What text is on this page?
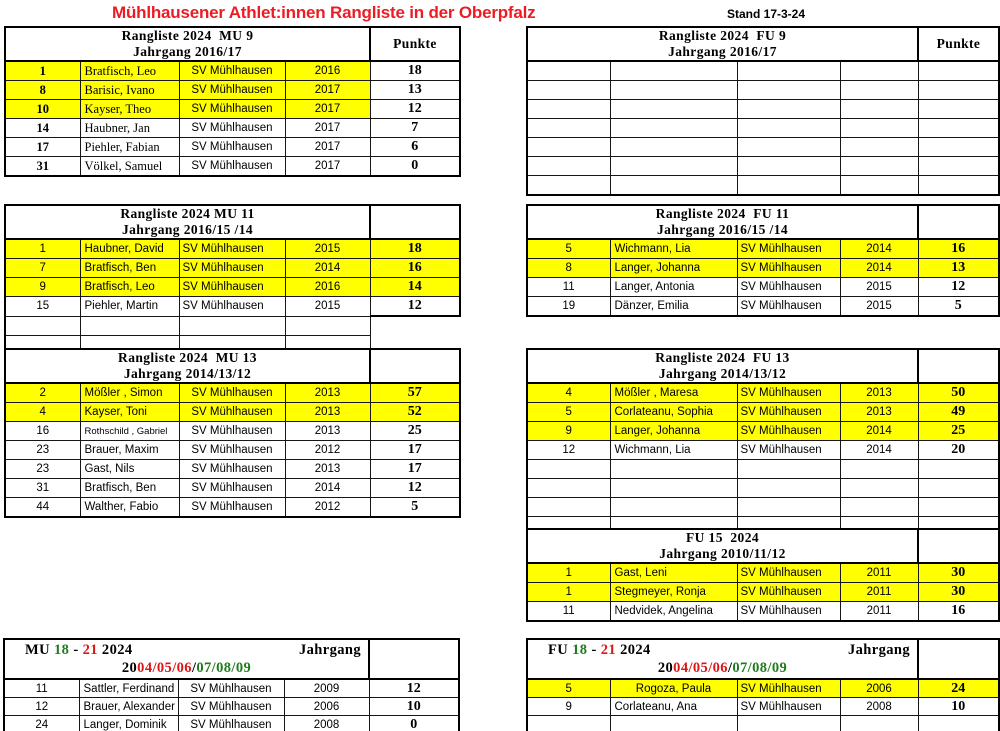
Mühlhausener Athlet:innen Rangliste in der Oberpfalz	Stand 17-3-24
Rangliste 2024  MU 9
Jahrgang 2016/17				Punkte
1	Bratfisch, Leo	SV Mühlhausen	2016	18
8	Barisic, Ivano	SV Mühlhausen	2017	13
10	Kayser, Theo	SV Mühlhausen	2017	12
14	Haubner, Jan	SV Mühlhausen	2017	7
17	Piehler, Fabian	SV Mühlhausen	2017	6
31	Völkel, Samuel	SV Mühlhausen	2017	0
Rangliste 2024  FU 9
Jahrgang 2016/17				Punkte

Rangliste 2024 MU 11
Jahrgang 2016/15 /14				

1	Haubner, David	SV Mühlhausen	2015	18
7	Bratfisch, Ben	SV Mühlhausen	2014	16
9	Bratfisch, Leo	SV Mühlhausen	2016	14
15	Piehler, Martin	SV Mühlhausen	2015	12

Rangliste 2024  FU 11
Jahrgang 2016/15 /14				

5	Wichmann, Lia	SV Mühlhausen	2014	16
8	Langer, Johanna	SV Mühlhausen	2014	13
11	Langer, Antonia	SV Mühlhausen	2015	12
19	Dänzer, Emilia	SV Mühlhausen	2015	5
Rangliste 2024  MU 13
Jahrgang 2014/13/12				

2	Mößler , Simon	SV Mühlhausen	2013	57
4	Kayser, Toni	SV Mühlhausen	2013	52
16	Rothschild , Gabriel	SV Mühlhausen	2013	25
23	Brauer, Maxim	SV Mühlhausen	2012	17
23	Gast, Nils	SV Mühlhausen	2013	17
31	Bratfisch, Ben	SV Mühlhausen	2014	12
44	Walther, Fabio	SV Mühlhausen	2012	5
Rangliste 2024  FU 13
Jahrgang 2014/13/12				

4	Mößler , Maresa	SV Mühlhausen	2013	50
5	Corlateanu, Sophia	SV Mühlhausen	2013	49
9	Langer, Johanna	SV Mühlhausen	2014	25
12	Wichmann, Lia	SV Mühlhausen	2014	20

FU 15  2024
Jahrgang 2010/11/12				

1	Gast, Leni	SV Mühlhausen	2011	30
1	Stegmeyer, Ronja	SV Mühlhausen	2011	30
11	Nedvidek, Angelina	SV Mühlhausen	2011	16
MU 18 - 21 2024 Jahrgang
2004/05/06/07/08/09				

11	Sattler, Ferdinand	SV Mühlhausen	2009	12
12	Brauer, Alexander	SV Mühlhausen	2006	10
24	Langer, Dominik	SV Mühlhausen	2008	0
FU 18 - 21 2024 Jahrgang
2004/05/06/07/08/09				

5	Rogoza, Paula	SV Mühlhausen	2006	24
9	Corlateanu, Ana	SV Mühlhausen	2008	10
